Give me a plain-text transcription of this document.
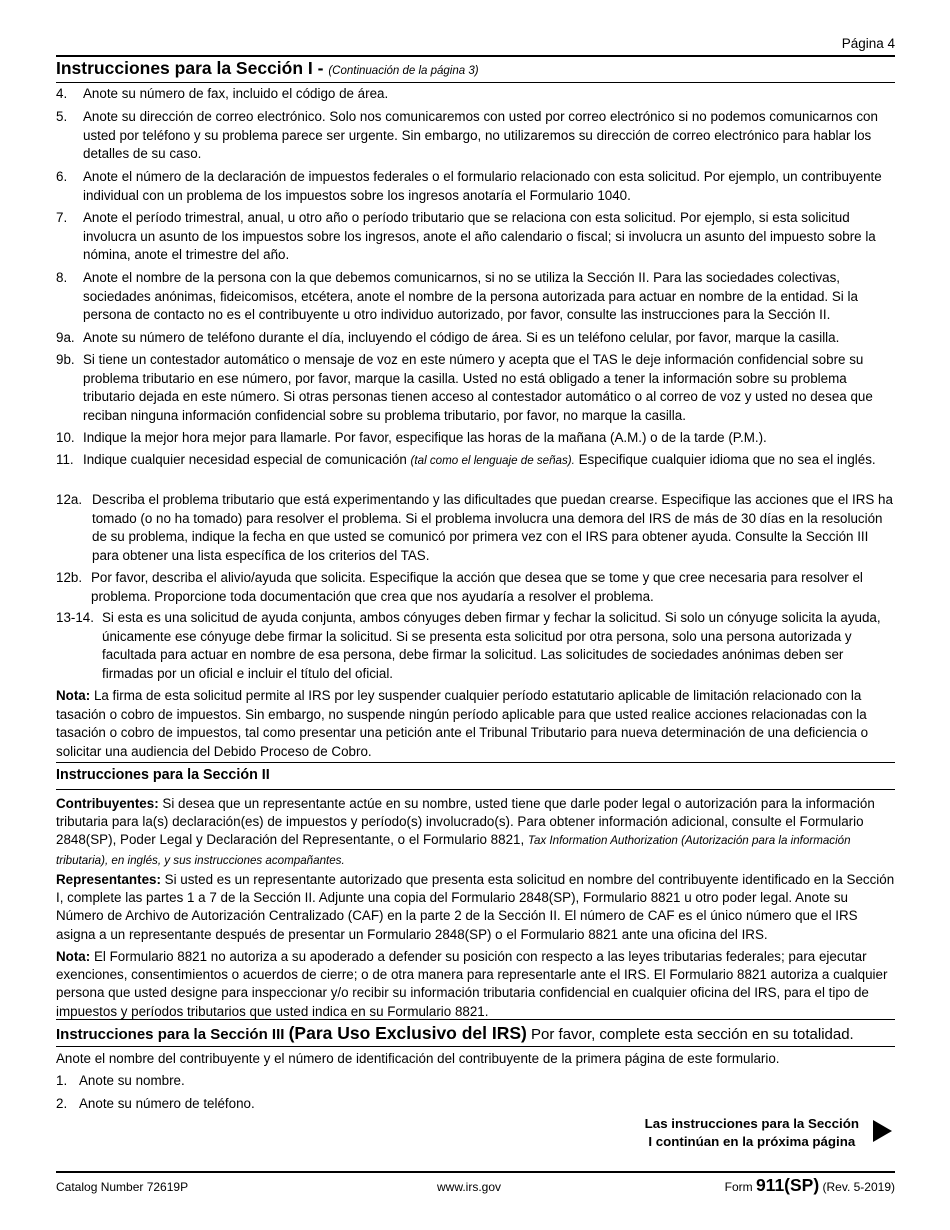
Página 4
Instrucciones para la Sección I - (Continuación de la página 3)
4. Anote su número de fax, incluido el código de área.
5. Anote su dirección de correo electrónico. Solo nos comunicaremos con usted por correo electrónico si no podemos comunicarnos con usted por teléfono y su problema parece ser urgente. Sin embargo, no utilizaremos su dirección de correo electrónico para hablar los detalles de su caso.
6. Anote el número de la declaración de impuestos federales o el formulario relacionado con esta solicitud. Por ejemplo, un contribuyente individual con un problema de los impuestos sobre los ingresos anotaría el Formulario 1040.
7. Anote el período trimestral, anual, u otro año o período tributario que se relaciona con esta solicitud. Por ejemplo, si esta solicitud involucra un asunto de los impuestos sobre los ingresos, anote el año calendario o fiscal; si involucra un asunto del impuesto sobre la nómina, anote el trimestre del año.
8. Anote el nombre de la persona con la que debemos comunicarnos, si no se utiliza la Sección II. Para las sociedades colectivas, sociedades anónimas, fideicomisos, etcétera, anote el nombre de la persona autorizada para actuar en nombre de la entidad. Si la persona de contacto no es el contribuyente u otro individuo autorizado, por favor, consulte las instrucciones para la Sección II.
9a. Anote su número de teléfono durante el día, incluyendo el código de área. Si es un teléfono celular, por favor, marque la casilla.
9b. Si tiene un contestador automático o mensaje de voz en este número y acepta que el TAS le deje información confidencial sobre su problema tributario en ese número, por favor, marque la casilla. Usted no está obligado a tener la información sobre su problema tributario dejada en este número. Si otras personas tienen acceso al contestador automático o al correo de voz y usted no desea que reciban ninguna información confidencial sobre su problema tributario, por favor, no marque la casilla.
10. Indique la mejor hora mejor para llamarle. Por favor, especifique las horas de la mañana (A.M.) o de la tarde (P.M.).
11. Indique cualquier necesidad especial de comunicación (tal como el lenguaje de señas). Especifique cualquier idioma que no sea el inglés.
12a. Describa el problema tributario que está experimentando y las dificultades que puedan crearse. Especifique las acciones que el IRS ha tomado (o no ha tomado) para resolver el problema. Si el problema involucra una demora del IRS de más de 30 días en la resolución de su problema, indique la fecha en que usted se comunicó por primera vez con el IRS para obtener ayuda. Consulte la Sección III para obtener una lista específica de los criterios del TAS.
12b. Por favor, describa el alivio/ayuda que solicita. Especifique la acción que desea que se tome y que cree necesaria para resolver el problema. Proporcione toda documentación que crea que nos ayudaría a resolver el problema.
13-14. Si esta es una solicitud de ayuda conjunta, ambos cónyuges deben firmar y fechar la solicitud. Si solo un cónyuge solicita la ayuda, únicamente ese cónyuge debe firmar la solicitud. Si se presenta esta solicitud por otra persona, solo una persona autorizada y facultada para actuar en nombre de esa persona, debe firmar la solicitud. Las solicitudes de sociedades anónimas deben ser firmadas por un oficial e incluir el título del oficial.
Nota: La firma de esta solicitud permite al IRS por ley suspender cualquier período estatutario aplicable de limitación relacionado con la tasación o cobro de impuestos. Sin embargo, no suspende ningún período aplicable para que usted realice acciones relacionadas con la tasación o cobro de impuestos, tal como presentar una petición ante el Tribunal Tributario para nueva determinación de una deficiencia o solicitar una audiencia del Debido Proceso de Cobro.
Instrucciones para la Sección II
Contribuyentes: Si desea que un representante actúe en su nombre, usted tiene que darle poder legal o autorización para la información tributaria para la(s) declaración(es) de impuestos y período(s) involucrado(s). Para obtener información adicional, consulte el Formulario 2848(SP), Poder Legal y Declaración del Representante, o el Formulario 8821, Tax Information Authorization (Autorización para la información tributaria), en inglés, y sus instrucciones acompañantes.
Representantes: Si usted es un representante autorizado que presenta esta solicitud en nombre del contribuyente identificado en la Sección I, complete las partes 1 a 7 de la Sección II. Adjunte una copia del Formulario 2848(SP), Formulario 8821 u otro poder legal. Anote su Número de Archivo de Autorización Centralizado (CAF) en la parte 2 de la Sección II. El número de CAF es el único número que el IRS asigna a un representante después de presentar un Formulario 2848(SP) o el Formulario 8821 ante una oficina del IRS.
Nota: El Formulario 8821 no autoriza a su apoderado a defender su posición con respecto a las leyes tributarias federales; para ejecutar exenciones, consentimientos o acuerdos de cierre; o de otra manera para representarle ante el IRS. El Formulario 8821 autoriza a cualquier persona que usted designe para inspeccionar y/o recibir su información tributaria confidencial en cualquier oficina del IRS, para el tipo de impuestos y períodos tributarios que usted indica en su Formulario 8821.
Instrucciones para la Sección III (Para Uso Exclusivo del IRS) Por favor, complete esta sección en su totalidad.
Anote el nombre del contribuyente y el número de identificación del contribuyente de la primera página de este formulario.
1. Anote su nombre.
2. Anote su número de teléfono.
Las instrucciones para la Sección
I continúan en la próxima página
Catalog Number 72619P	www.irs.gov	Form 911(SP) (Rev. 5-2019)
